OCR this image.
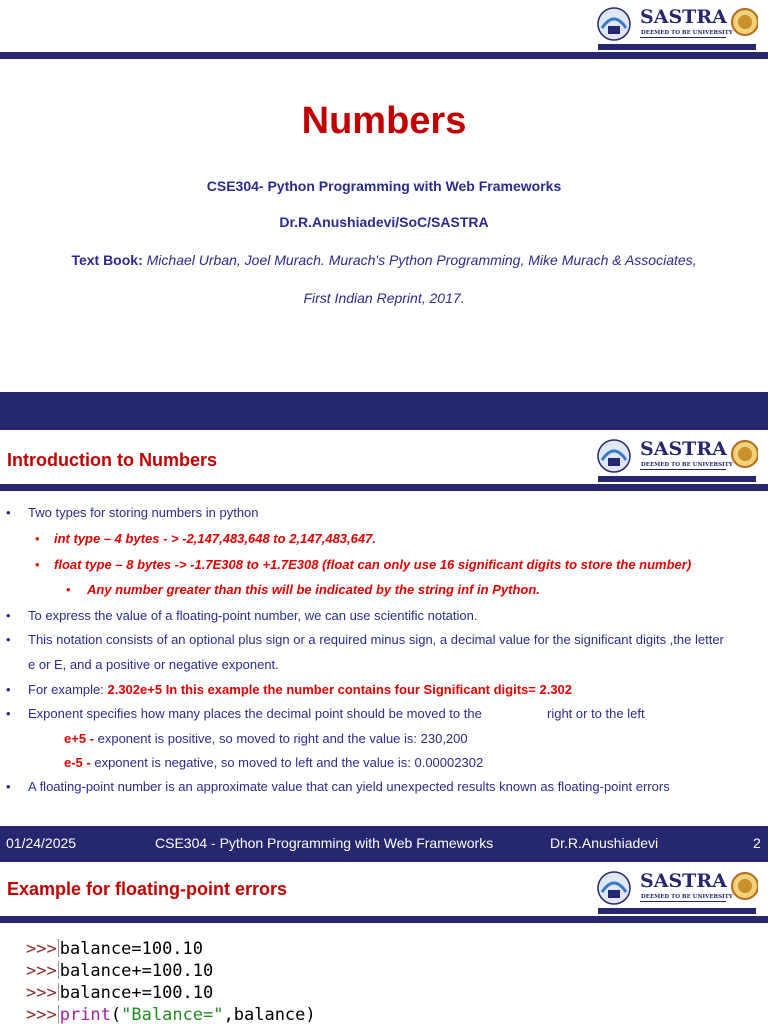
SASTRA
DEEMED TO BE UNIVERSITY
Numbers
CSE304- Python Programming with Web Frameworks
Dr.R.Anushiadevi/SoC/SASTRA
Text Book: Michael Urban, Joel Murach. Murach's Python Programming, Mike Murach & Associates,
First Indian Reprint, 2017.
Introduction to Numbers	SASTRA
DEEMED TO BE UNIVERSITY
• Two types for storing numbers in python
• int type – 4 bytes - > -2,147,483,648 to 2,147,483,647.
• float type – 8 bytes -> -1.7E308 to +1.7E308 (float can only use 16 significant digits to store the number)
• Any number greater than this will be indicated by the string inf in Python.
• To express the value of a floating-point number, we can use scientific notation.
• This notation consists of an optional plus sign or a required minus sign, a decimal value for the significant digits ,the letter
e or E, and a positive or negative exponent.
• For example: 2.302e+5 In this example the number contains four Significant digits= 2.302
• Exponent specifies how many places the decimal point should be moved to the	right or to the left
e+5 - exponent is positive, so moved to right and the value is: 230,200
e-5 - exponent is negative, so moved to left and the value is: 0.00002302
• A floating-point number is an approximate value that can yield unexpected results known as floating-point errors
01/24/2025	CSE304 - Python Programming with Web Frameworks	Dr.R.Anushiadevi	2
Example for floating-point errors	SASTRA
DEEMED TO BE UNIVERSITY
>>> balance=100.10
>>> balance+=100.10
>>> balance+=100.10
>>> print("Balance=",balance)
